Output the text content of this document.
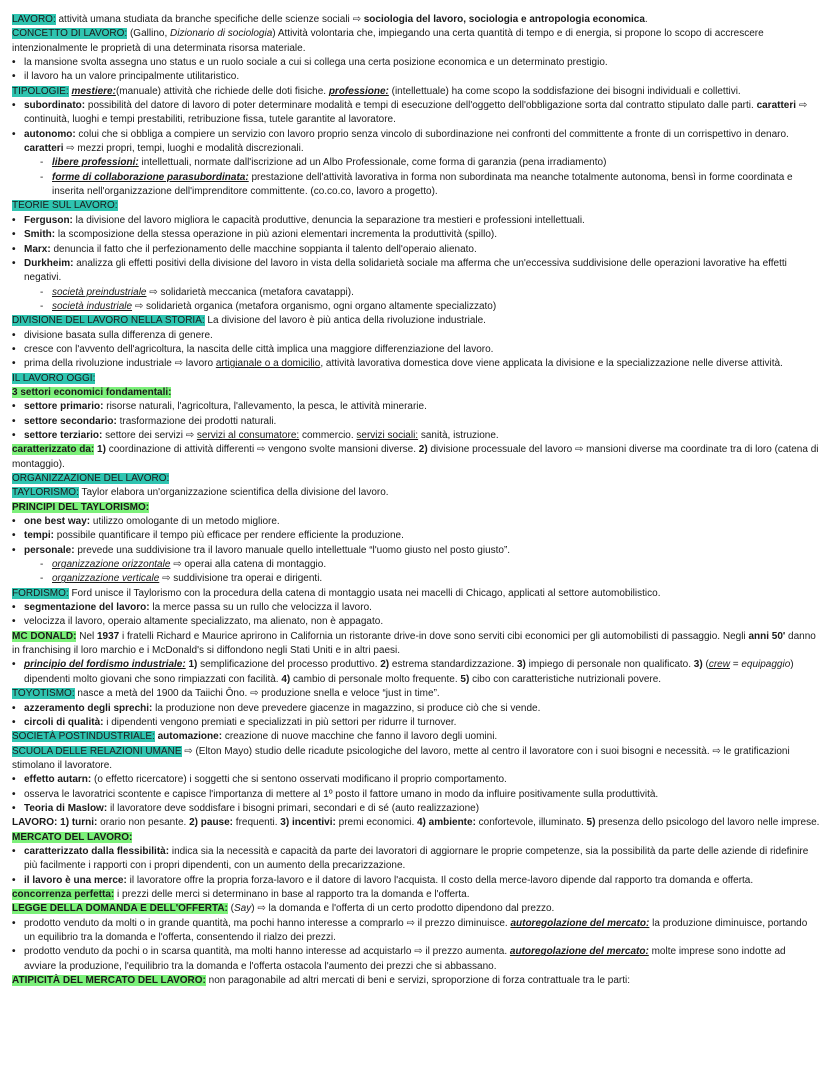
LAVORO: attività umana studiata da branche specifiche delle scienze sociali ⇨ sociologia del lavoro, sociologia e antropologia economica.
CONCETTO DI LAVORO: (Gallino, Dizionario di sociologia) Attività volontaria che, impiegando una certa quantità di tempo e di energia, si propone lo scopo di accrescere intenzionalmente le proprietà di una determinata risorsa materiale.
• la mansione svolta assegna uno status e un ruolo sociale a cui si collega una certa posizione economica e un determinato prestigio.
• il lavoro ha un valore principalmente utilitaristico.
TIPOLOGIE: mestiere:(manuale) attività che richiede delle doti fisiche. professione: (intellettuale) ha come scopo la soddisfazione dei bisogni individuali e collettivi.
• subordinato: possibilità del datore di lavoro di poter determinare modalità e tempi di esecuzione dell'oggetto dell'obbligazione sorta dal contratto stipulato dalle parti. caratteri ⇨ continuità, luoghi e tempi prestabiliti, retribuzione fissa, tutele garantite al lavoratore.
• autonomo: colui che si obbliga a compiere un servizio con lavoro proprio senza vincolo di subordinazione nei confronti del committente a fronte di un corrispettivo in denaro. caratteri ⇨ mezzi propri, tempi, luoghi e modalità discrezionali.
- libere professioni: intellettuali, normate dall'iscrizione ad un Albo Professionale, come forma di garanzia (pena irradiamento)
- forme di collaborazione parasubordinata: prestazione dell'attività lavorativa in forma non subordinata ma neanche totalmente autonoma, bensì in forme coordinata e inserita nell'organizzazione dell'imprenditore committente. (co.co.co, lavoro a progetto).
TEORIE SUL LAVORO:
• Ferguson: la divisione del lavoro migliora le capacità produttive, denuncia la separazione tra mestieri e professioni intellettuali.
• Smith: la scomposizione della stessa operazione in più azioni elementari incrementa la produttività (spillo).
• Marx: denuncia il fatto che il perfezionamento delle macchine soppianta il talento dell'operaio alienato.
• Durkheim: analizza gli effetti positivi della divisione del lavoro in vista della solidarietà sociale ma afferma che un'eccessiva suddivisione delle operazioni lavorative ha effetti negativi.
- società preindustriale ⇨ solidarietà meccanica (metafora cavatappi).
- società industriale ⇨ solidarietà organica (metafora organismo, ogni organo altamente specializzato)
DIVISIONE DEL LAVORO NELLA STORIA: La divisione del lavoro è più antica della rivoluzione industriale.
• divisione basata sulla differenza di genere.
• cresce con l'avvento dell'agricoltura, la nascita delle città implica una maggiore differenziazione del lavoro.
• prima della rivoluzione industriale ⇨ lavoro artigianale o a domicilio, attività lavorativa domestica dove viene applicata la divisione e la specializzazione nelle diverse attività.
IL LAVORO OGGI:
3 settori economici fondamentali:
• settore primario: risorse naturali, l'agricoltura, l'allevamento, la pesca, le attività minerarie.
• settore secondario: trasformazione dei prodotti naturali.
• settore terziario: settore dei servizi ⇨ servizi al consumatore: commercio. servizi sociali: sanità, istruzione.
caratterizzato da: 1) coordinazione di attività differenti ⇨ vengono svolte mansioni diverse. 2) divisione processuale del lavoro ⇨ mansioni diverse ma coordinate tra di loro (catena di montaggio).
ORGANIZZAZIONE DEL LAVORO:
TAYLORISMO: Taylor elabora un'organizzazione scientifica della divisione del lavoro.
PRINCIPI DEL TAYLORISMO:
• one best way: utilizzo omologante di un metodo migliore.
• tempi: possibile quantificare il tempo più efficace per rendere efficiente la produzione.
• personale: prevede una suddivisione tra il lavoro manuale quello intellettuale “l'uomo giusto nel posto giusto”.
- organizzazione orizzontale ⇨ operai alla catena di montaggio.
- organizzazione verticale ⇨ suddivisione tra operai e dirigenti.
FORDISMO: Ford unisce il Taylorismo con la procedura della catena di montaggio usata nei macelli di Chicago, applicati al settore automobilistico.
• segmentazione del lavoro: la merce passa su un rullo che velocizza il lavoro.
• velocizza il lavoro, operaio altamente specializzato, ma alienato, non è appagato.
MC DONALD: Nel 1937 i fratelli Richard e Maurice aprirono in California un ristorante drive-in dove sono serviti cibi economici per gli automobilisti di passaggio. Negli anni 50' danno in franchising il loro marchio e i McDonald's si diffondono negli Stati Uniti e in altri paesi.
• principio del fordismo industriale: 1) semplificazione del processo produttivo. 2) estrema standardizzazione. 3) impiego di personale non qualificato. 3) (crew = equipaggio) dipendenti molto giovani che sono rimpiazzati con facilità. 4) cambio di personale molto frequente. 5) cibo con caratteristiche nutrizionali povere.
TOYOTISMO: nasce a metà del 1900 da Taiichi Ōno. ⇨ produzione snella e veloce “just in time”.
• azzeramento degli sprechi: la produzione non deve prevedere giacenze in magazzino, si produce ciò che si vende.
• circoli di qualità: i dipendenti vengono premiati e specializzati in più settori per ridurre il turnover.
SOCIETÀ POSTINDUSTRIALE: automazione: creazione di nuove macchine che fanno il lavoro degli uomini.
SCUOLA DELLE RELAZIONI UMANE ⇨ (Elton Mayo) studio delle ricadute psicologiche del lavoro, mette al centro il lavoratore con i suoi bisogni e necessità. ⇨ le gratificazioni stimolano il lavoratore.
• effetto autarn: (o effetto ricercatore) i soggetti che si sentono osservati modificano il proprio comportamento.
• osserva le lavoratrici scontente e capisce l'importanza di mettere al 1º posto il fattore umano in modo da influire positivamente sulla produttività.
• Teoria di Maslow: il lavoratore deve soddisfare i bisogni primari, secondari e di sé (auto realizzazione)
LAVORO: 1) turni: orario non pesante. 2) pause: frequenti. 3) incentivi: premi economici. 4) ambiente: confortevole, illuminato. 5) presenza dello psicologo del lavoro nelle imprese.
MERCATO DEL LAVORO:
• caratterizzato dalla flessibilità: indica sia la necessità e capacità da parte dei lavoratori di aggiornare le proprie competenze, sia la possibilità da parte delle aziende di ridefinire più facilmente i rapporti con i propri dipendenti, con un aumento della precarizzazione.
• il lavoro è una merce: il lavoratore offre la propria forza-lavoro e il datore di lavoro l'acquista. Il costo della merce-lavoro dipende dal rapporto tra domanda e offerta.
concorrenza perfetta: i prezzi delle merci si determinano in base al rapporto tra la domanda e l'offerta.
LEGGE DELLA DOMANDA E DELL'OFFERTA: (Say) ⇨ la domanda e l'offerta di un certo prodotto dipendono dal prezzo.
• prodotto venduto da molti o in grande quantità, ma pochi hanno interesse a comprarlo ⇨ il prezzo diminuisce. autoregolazione del mercato: la produzione diminuisce, portando un equilibrio tra la domanda e l'offerta, consentendo il rialzo dei prezzi.
• prodotto venduto da pochi o in scarsa quantità, ma molti hanno interesse ad acquistarlo ⇨ il prezzo aumenta. autoregolazione del mercato: molte imprese sono indotte ad avviare la produzione, l'equilibrio tra la domanda e l'offerta ostacola l'aumento dei prezzi che si abbassano.
ATIPICITÀ DEL MERCATO DEL LAVORO: non paragonabile ad altri mercati di beni e servizi, sproporzione di forza contrattuale tra le parti:
